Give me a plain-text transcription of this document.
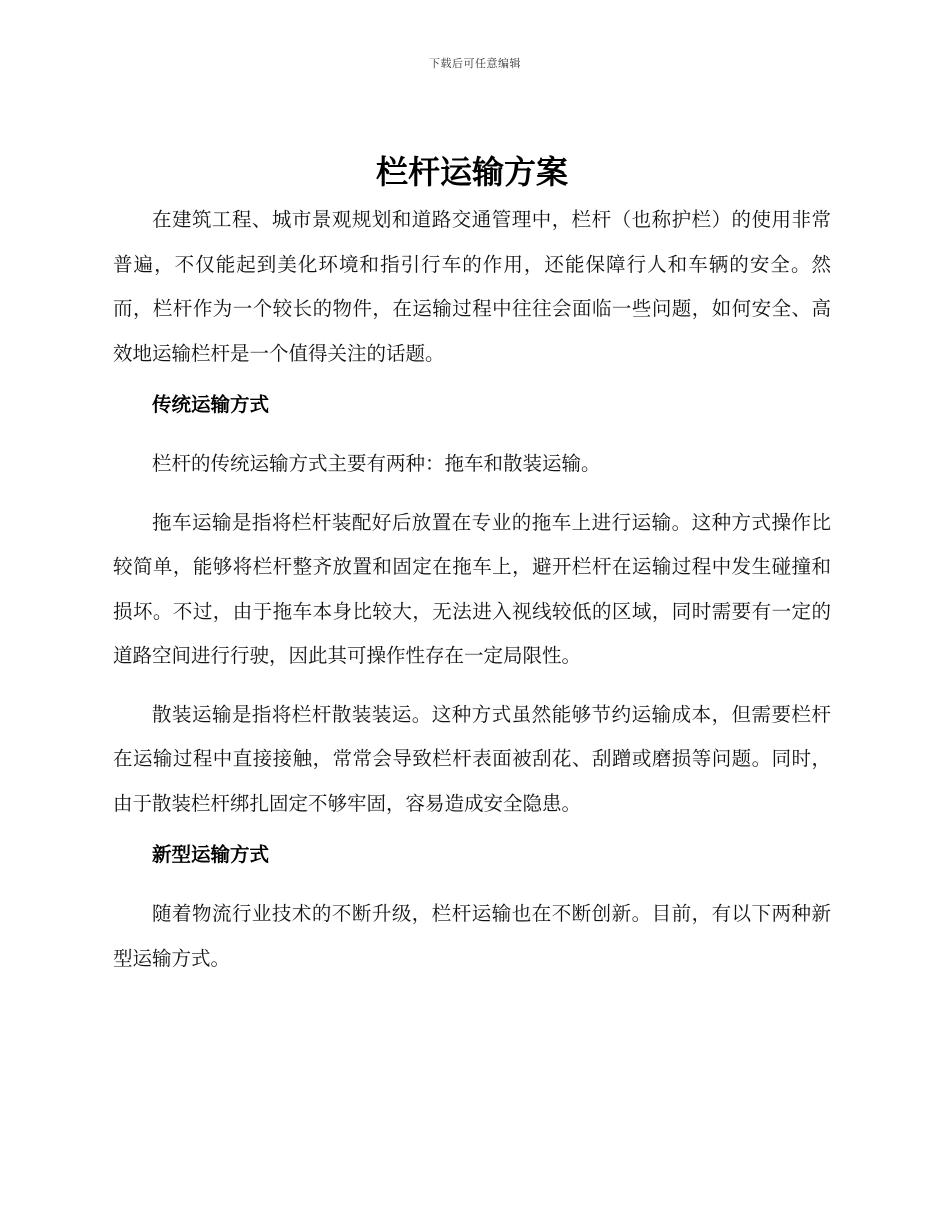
下载后可任意编辑
栏杆运输方案

在建筑工程、城市景观规划和道路交通管理中，栏杆（也称护栏）的使用非常普遍，不仅能起到美化环境和指引行车的作用，还能保障行人和车辆的安全。然而，栏杆作为一个较长的物件，在运输过程中往往会面临一些问题，如何安全、高效地运输栏杆是一个值得关注的话题。

传统运输方式

栏杆的传统运输方式主要有两种：拖车和散装运输。

拖车运输是指将栏杆装配好后放置在专业的拖车上进行运输。这种方式操作比较简单，能够将栏杆整齐放置和固定在拖车上，避开栏杆在运输过程中发生碰撞和损坏。不过，由于拖车本身比较大，无法进入视线较低的区域，同时需要有一定的道路空间进行行驶，因此其可操作性存在一定局限性。

散装运输是指将栏杆散装装运。这种方式虽然能够节约运输成本，但需要栏杆在运输过程中直接接触，常常会导致栏杆表面被刮花、刮蹭或磨损等问题。同时，由于散装栏杆绑扎固定不够牢固，容易造成安全隐患。

新型运输方式

随着物流行业技术的不断升级，栏杆运输也在不断创新。目前，有以下两种新型运输方式。
